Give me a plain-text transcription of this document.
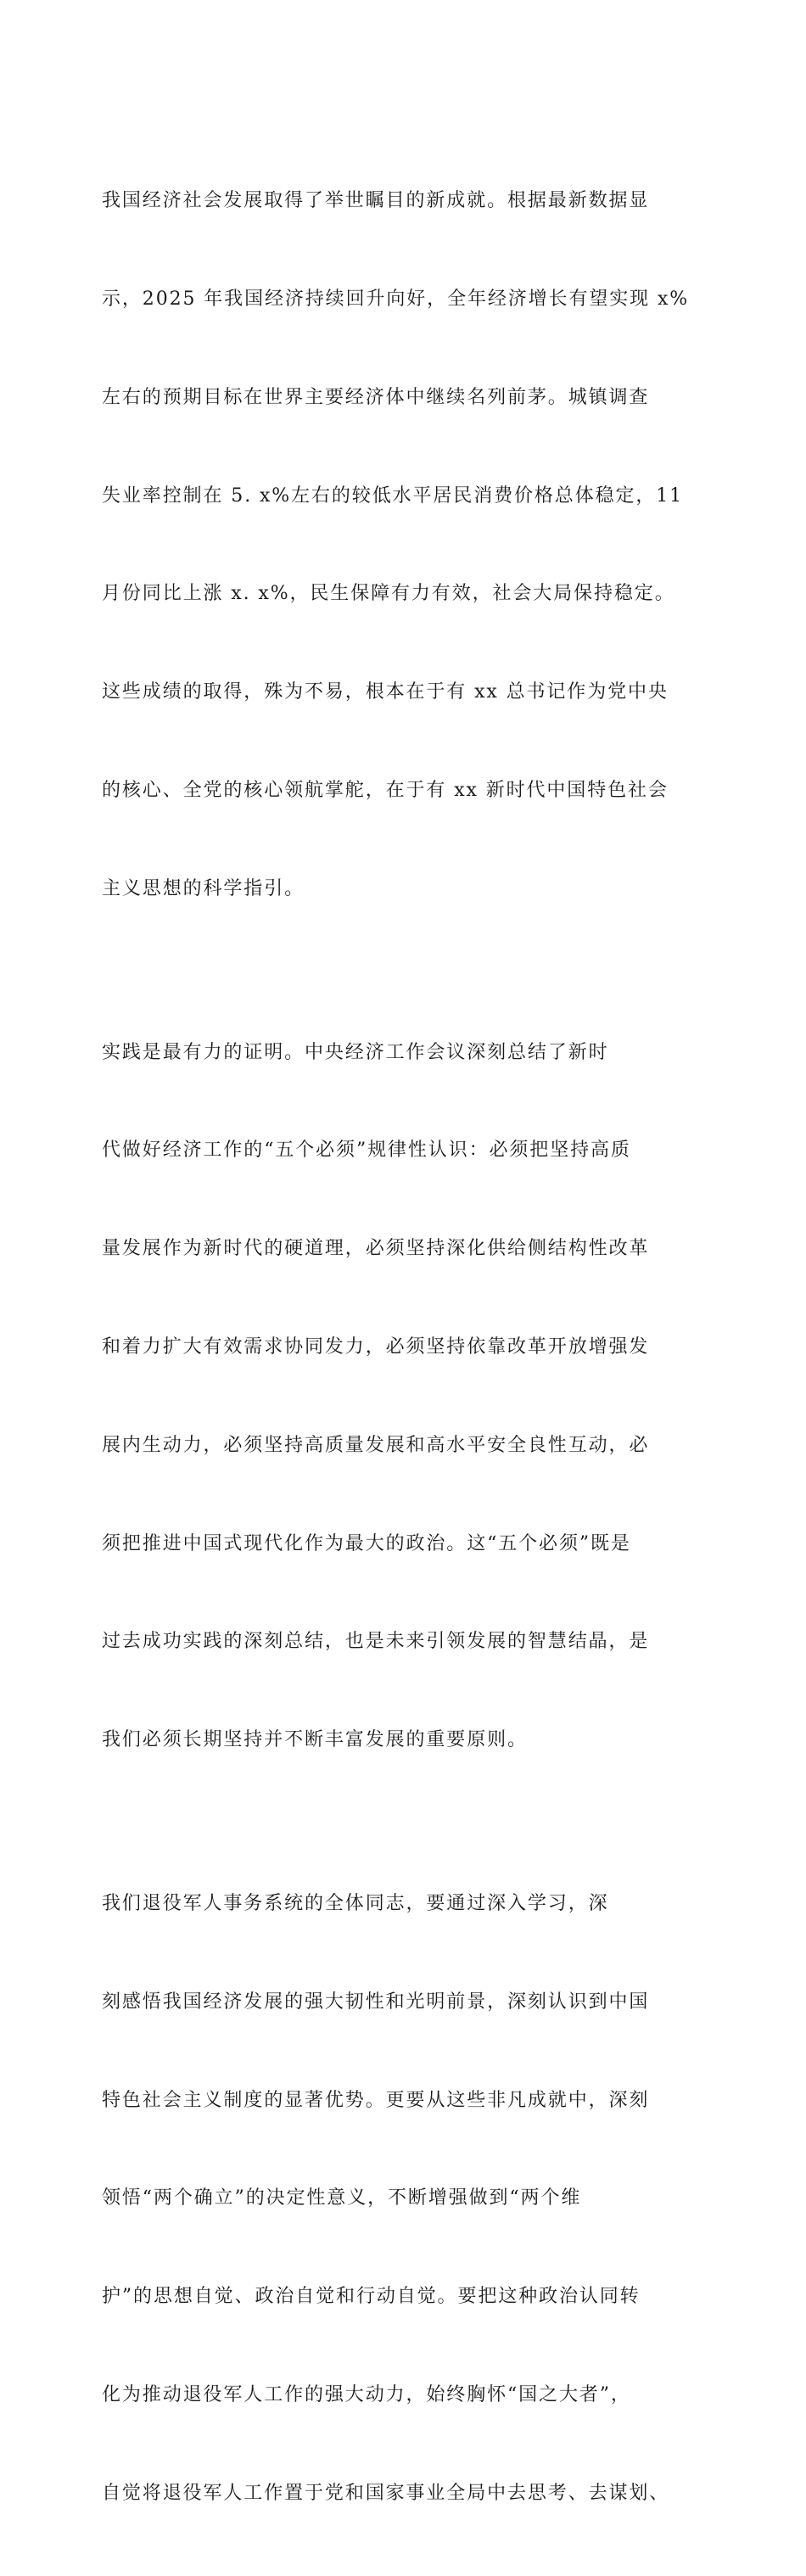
我国经济社会发展取得了举世瞩目的新成就。根据最新数据显

示，2025 年我国经济持续回升向好，全年经济增长有望实现 x%

左右的预期目标在世界主要经济体中继续名列前茅。城镇调查

失业率控制在 5. x%左右的较低水平居民消费价格总体稳定，11

月份同比上涨 x. x%，民生保障有力有效，社会大局保持稳定。

这些成绩的取得，殊为不易，根本在于有 xx 总书记作为党中央

的核心、全党的核心领航掌舵，在于有 xx 新时代中国特色社会

主义思想的科学指引。

实践是最有力的证明。中央经济工作会议深刻总结了新时

代做好经济工作的“五个必须”规律性认识：必须把坚持高质

量发展作为新时代的硬道理，必须坚持深化供给侧结构性改革

和着力扩大有效需求协同发力，必须坚持依靠改革开放增强发

展内生动力，必须坚持高质量发展和高水平安全良性互动，必

须把推进中国式现代化作为最大的政治。这“五个必须”既是

过去成功实践的深刻总结，也是未来引领发展的智慧结晶，是

我们必须长期坚持并不断丰富发展的重要原则。

我们退役军人事务系统的全体同志，要通过深入学习，深

刻感悟我国经济发展的强大韧性和光明前景，深刻认识到中国

特色社会主义制度的显著优势。更要从这些非凡成就中，深刻

领悟“两个确立”的决定性意义，不断增强做到“两个维

护”的思想自觉、政治自觉和行动自觉。要把这种政治认同转

化为推动退役军人工作的强大动力，始终胸怀“国之大者”，

自觉将退役军人工作置于党和国家事业全局中去思考、去谋划、
